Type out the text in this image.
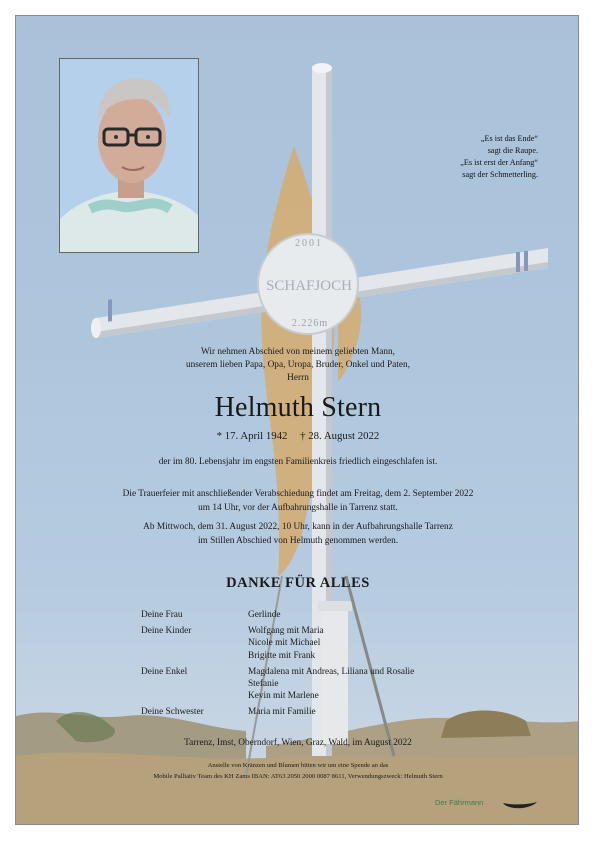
2001
SCHAFJOCH
2.226m
„Es ist das Ende“
sagt die Raupe.
„Es ist erst der Anfang“
sagt der Schmetterling.
Wir nehmen Abschied von meinem geliebten Mann,
unserem lieben Papa, Opa, Uropa, Bruder, Onkel und Paten,
Herrn
Helmuth Stern
* 17. April 1942 † 28. August 2022
der im 80. Lebensjahr im engsten Familienkreis friedlich eingeschlafen ist.
Die Trauerfeier mit anschließender Verabschiedung findet am Freitag, dem 2. September 2022
um 14 Uhr, vor der Aufbahrungshalle in Tarrenz statt.
Ab Mittwoch, dem 31. August 2022, 10 Uhr, kann in der Aufbahrungshalle Tarrenz
im Stillen Abschied von Helmuth genommen werden.
DANKE FÜR ALLES
Deine Frau	Gerlinde
Deine Kinder	Wolfgang mit Maria
Nicole mit Michael
Brigitte mit Frank
Deine Enkel	Magdalena mit Andreas, Liliana und Rosalie
Stefanie
Kevin mit Marlene
Deine Schwester	Maria mit Familie
Tarrenz, Imst, Oberndorf, Wien, Graz, Wald, im August 2022
Anstelle von Kränzen und Blumen bitten wir um eine Spende an das
Mobile Palliativ Team des KH Zams IBAN: AT63 2050 2000 0087 8611, Verwendungszweck: Helmuth Stern
Der Fährmann
